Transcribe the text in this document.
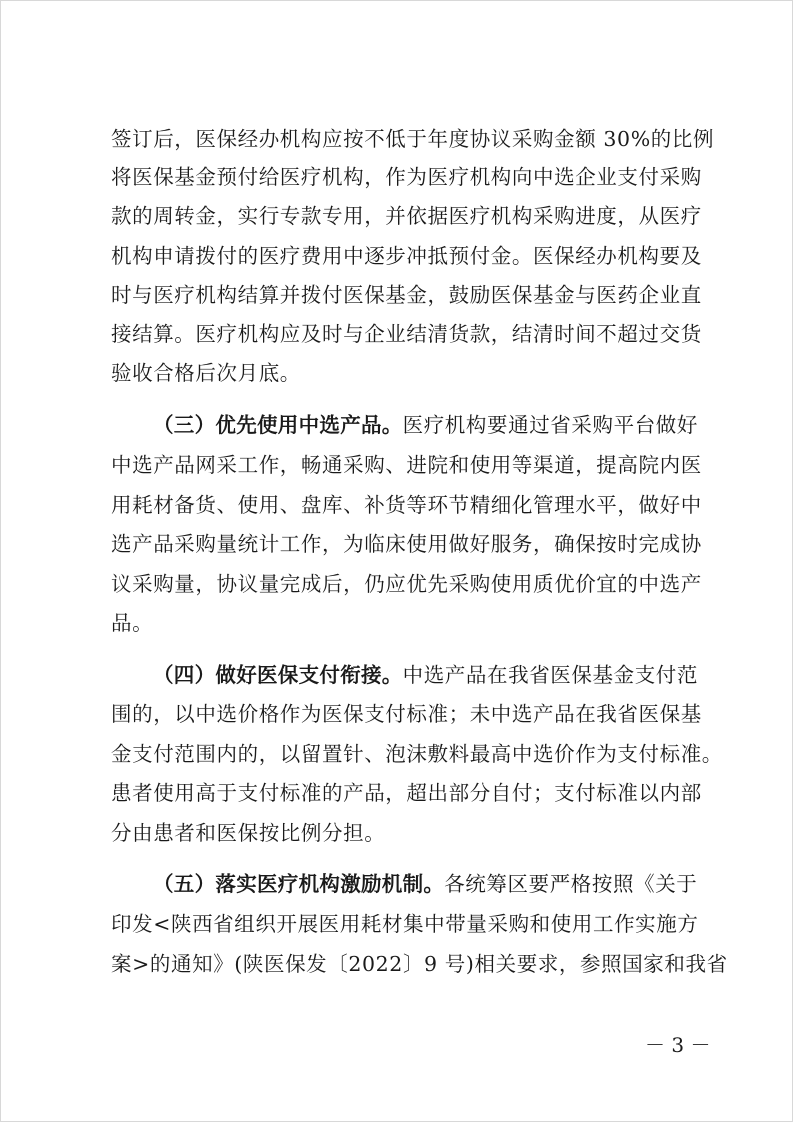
签订后，医保经办机构应按不低于年度协议采购金额 30%的比例
将医保基金预付给医疗机构，作为医疗机构向中选企业支付采购
款的周转金，实行专款专用，并依据医疗机构采购进度，从医疗
机构申请拨付的医疗费用中逐步冲抵预付金。医保经办机构要及
时与医疗机构结算并拨付医保基金，鼓励医保基金与医药企业直
接结算。医疗机构应及时与企业结清货款，结清时间不超过交货
验收合格后次月底。
（三）优先使用中选产品。医疗机构要通过省采购平台做好
中选产品网采工作，畅通采购、进院和使用等渠道，提高院内医
用耗材备货、使用、盘库、补货等环节精细化管理水平，做好中
选产品采购量统计工作，为临床使用做好服务，确保按时完成协
议采购量，协议量完成后，仍应优先采购使用质优价宜的中选产
品。
（四）做好医保支付衔接。中选产品在我省医保基金支付范
围的，以中选价格作为医保支付标准；未中选产品在我省医保基
金支付范围内的，以留置针、泡沫敷料最高中选价作为支付标准。
患者使用高于支付标准的产品，超出部分自付；支付标准以内部
分由患者和医保按比例分担。
（五）落实医疗机构激励机制。各统筹区要严格按照《关于
印发<陕西省组织开展医用耗材集中带量采购和使用工作实施方
案>的通知》(陕医保发〔2022〕9 号)相关要求，参照国家和我省
－ 3 －
